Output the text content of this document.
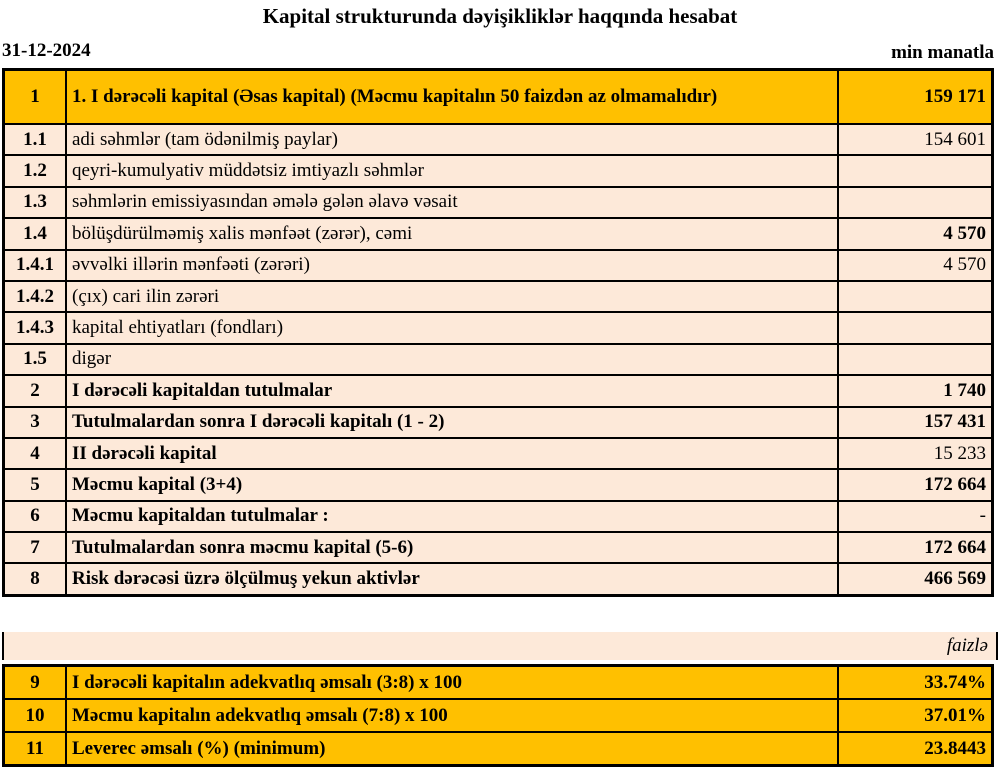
Kapital strukturunda dəyişikliklər haqqında hesabat
31-12-2024	min manatla
1	1. I dərəcəli kapital (Əsas kapital) (Məcmu kapitalın 50 faizdən az olmamalıdır)	159 171
1.1	adi səhmlər (tam ödənilmiş paylar)	154 601
1.2	qeyri-kumulyativ müddətsiz imtiyazlı səhmlər	
1.3	səhmlərin emissiyasından əmələ gələn əlavə vəsait	
1.4	bölüşdürülməmiş xalis mənfəət (zərər), cəmi	4 570
1.4.1	əvvəlki illərin mənfəəti (zərəri)	4 570
1.4.2	(çıx) cari ilin zərəri	
1.4.3	kapital ehtiyatları (fondları)	
1.5	digər	
2	I dərəcəli kapitaldan tutulmalar	1 740
3	Tutulmalardan sonra I dərəcəli kapitalı (1 - 2)	157 431
4	II dərəcəli kapital	15 233
5	Məcmu kapital (3+4)	172 664
6	Məcmu kapitaldan tutulmalar :	-
7	Tutulmalardan sonra məcmu kapital (5-6)	172 664
8	Risk dərəcəsi üzrə ölçülmuş yekun aktivlər	466 569
faizlə
9	I dərəcəli kapitalın adekvatlıq əmsalı (3:8) x 100	33.74%
10	Məcmu kapitalın adekvatlıq əmsalı (7:8) x 100	37.01%
11	Leverec əmsalı (%) (minimum)	23.8443
